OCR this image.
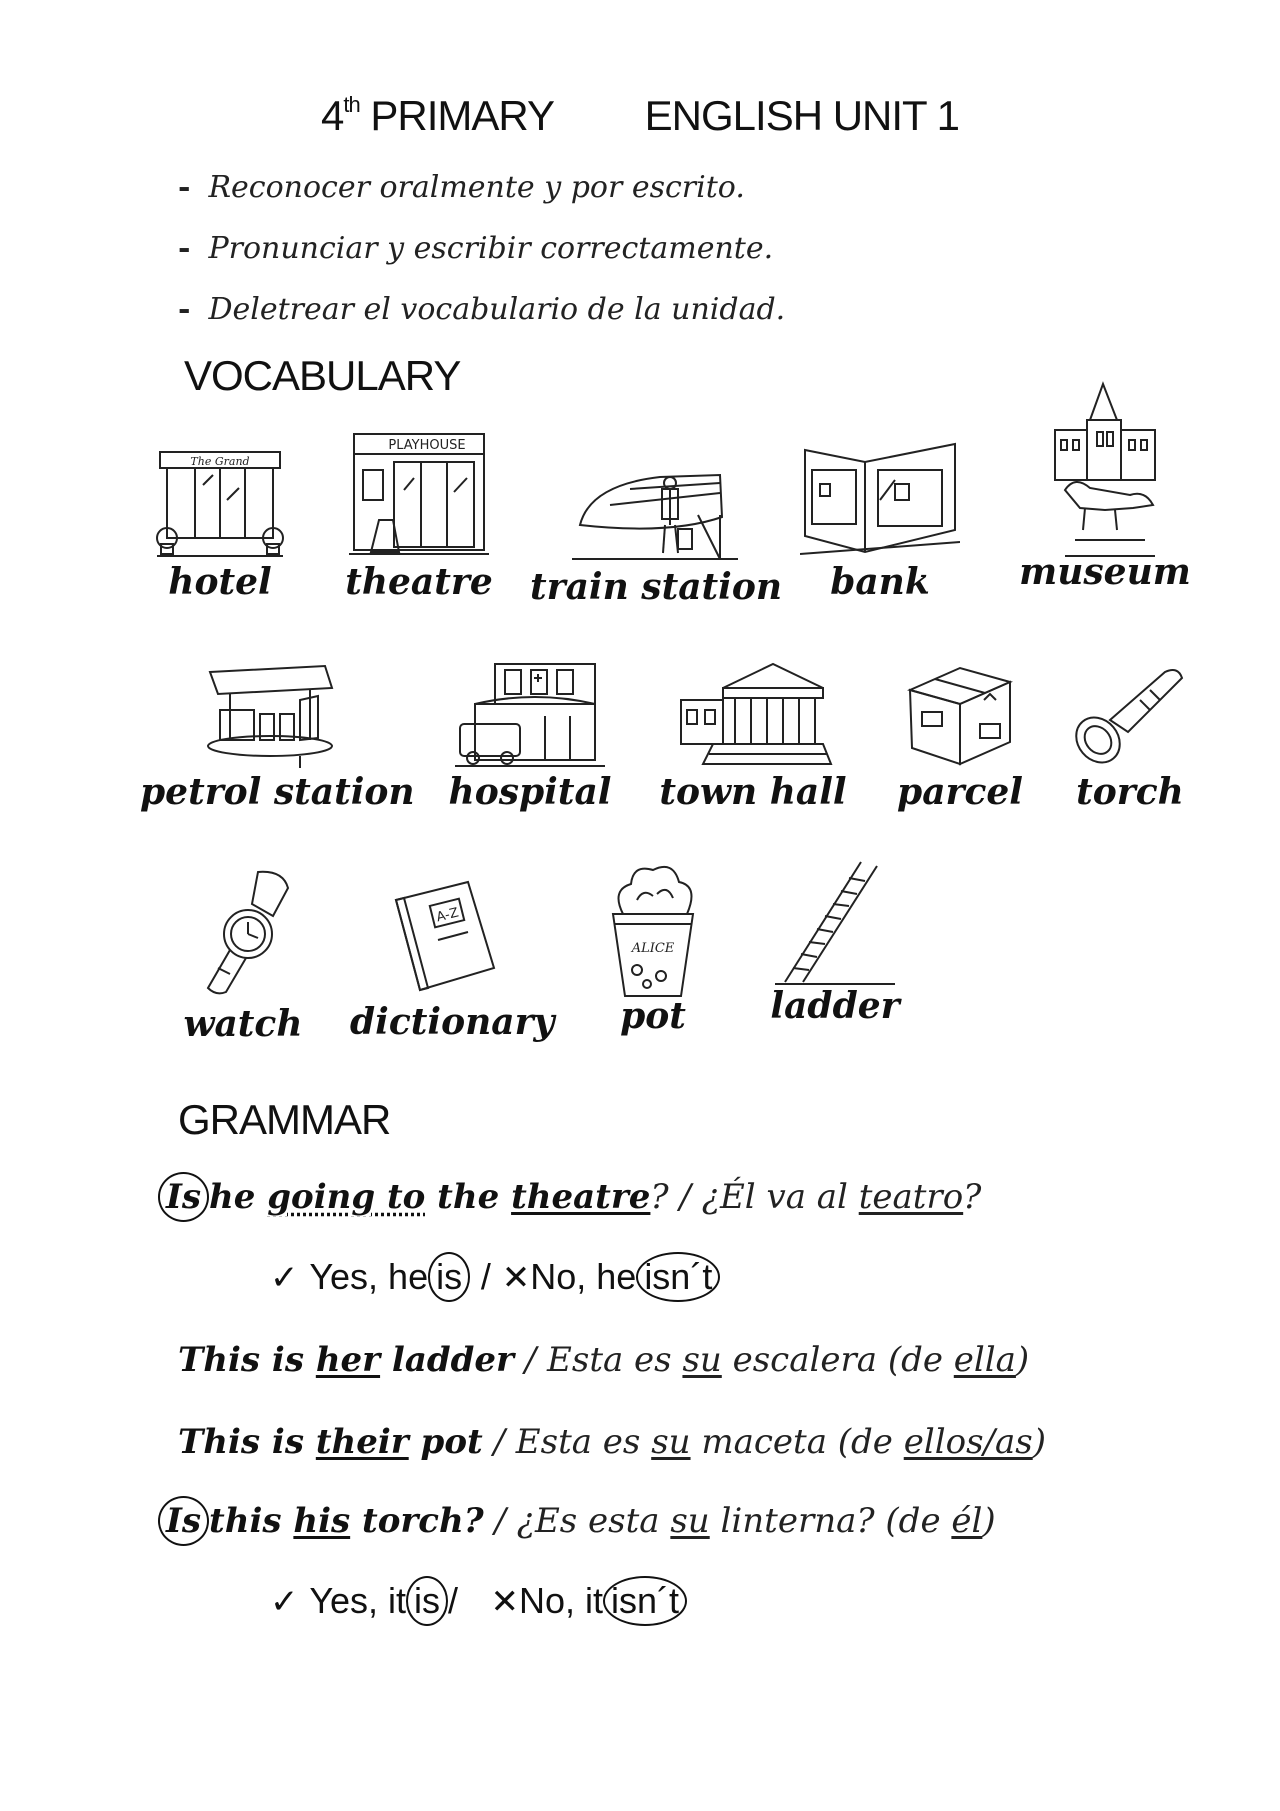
4th PRIMARY ENGLISH UNIT 1
- Reconocer oralmente y por escrito.
- Pronunciar y escribir correctamente.
- Deletrear el vocabulario de la unidad.
VOCABULARY
The Grand
hotel
PLAYHOUSE
theatre	train station	bank	museum
petrol station hospital town hall parcel	torch
watch
A-Z
dictionary
ALICE
pot	ladder
GRAMMAR
Is he going to the theatre? / ¿Él va al teatro?
✓ Yes, he is / ✕No, he isn´t
This is her ladder / Esta es su escalera (de ella)
This is their pot / Esta es su maceta (de ellos/as)
Is this his torch? / ¿Es esta su linterna? (de él)
✓ Yes, it is / ✕No, it isn´t
